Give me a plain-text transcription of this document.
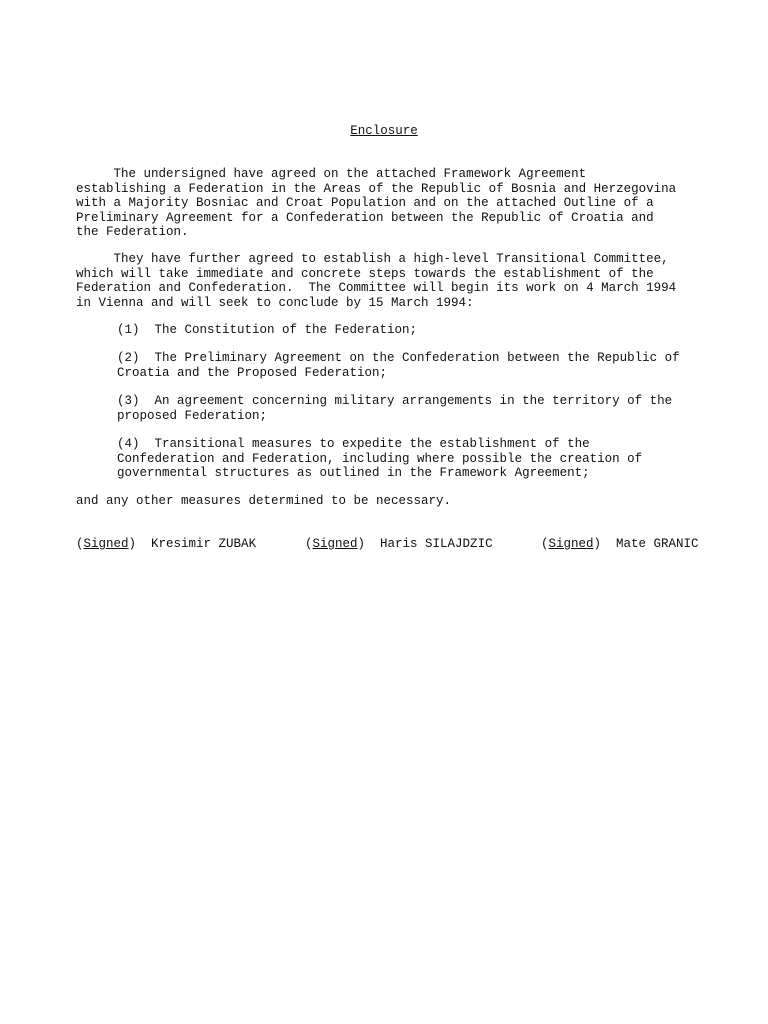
Enclosure

The undersigned have agreed on the attached Framework Agreement
establishing a Federation in the Areas of the Republic of Bosnia and Herzegovina
with a Majority Bosniac and Croat Population and on the attached Outline of a
Preliminary Agreement for a Confederation between the Republic of Croatia and
the Federation.

They have further agreed to establish a high-level Transitional Committee,
which will take immediate and concrete steps towards the establishment of the
Federation and Confederation.  The Committee will begin its work on 4 March 1994
in Vienna and will seek to conclude by 15 March 1994:

(1)  The Constitution of the Federation;

(2)  The Preliminary Agreement on the Confederation between the Republic of
Croatia and the Proposed Federation;

(3)  An agreement concerning military arrangements in the territory of the
proposed Federation;

(4)  Transitional measures to expedite the establishment of the
Confederation and Federation, including where possible the creation of
governmental structures as outlined in the Framework Agreement;

and any other measures determined to be necessary.

(Signed)  Kresimir ZUBAK	(Signed)  Haris SILAJDZIC	(Signed)  Mate GRANIC
